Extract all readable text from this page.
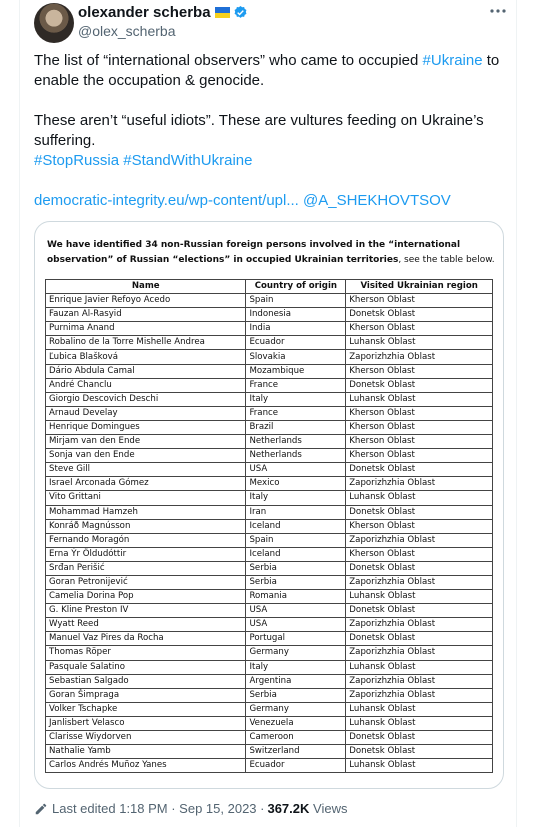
olexander scherba
@olex_scherba

The list of “international observers” who came to occupied #Ukraine to enable the occupation & genocide.

These aren’t “useful idiots”. These are vultures feeding on Ukraine’s suffering.

#StopRussia #StandWithUkraine

democratic-integrity.eu/wp-content/upl... @A_SHEKHOVTSOV
We have identified 34 non-Russian foreign persons involved in the “international observation” of Russian “elections” in occupied Ukrainian territories, see the table below.
Name	Country of origin	Visited Ukrainian region
Enrique Javier Refoyo Acedo	Spain	Kherson Oblast
Fauzan Al-Rasyid	Indonesia	Donetsk Oblast
Purnima Anand	India	Kherson Oblast
Robalino de la Torre Mishelle Andrea	Ecuador	Luhansk Oblast
Ľubica Blašková	Slovakia	Zaporizhzhia Oblast
Dário Abdula Camal	Mozambique	Kherson Oblast
André Chanclu	France	Donetsk Oblast
Giorgio Descovich Deschi	Italy	Luhansk Oblast
Arnaud Develay	France	Kherson Oblast
Henrique Domingues	Brazil	Kherson Oblast
Mirjam van den Ende	Netherlands	Kherson Oblast
Sonja van den Ende	Netherlands	Kherson Oblast
Steve Gill	USA	Donetsk Oblast
Israel Arconada Gómez	Mexico	Zaporizhzhia Oblast
Vito Grittani	Italy	Luhansk Oblast
Mohammad Hamzeh	Iran	Donetsk Oblast
Konráð Magnússon	Iceland	Kherson Oblast
Fernando Moragón	Spain	Zaporizhzhia Oblast
Erna Ýr Öldudóttir	Iceland	Kherson Oblast
Srđan Perišić	Serbia	Donetsk Oblast
Goran Petronijević	Serbia	Zaporizhzhia Oblast
Camelia Dorina Pop	Romania	Luhansk Oblast
G. Kline Preston IV	USA	Donetsk Oblast
Wyatt Reed	USA	Zaporizhzhia Oblast
Manuel Vaz Pires da Rocha	Portugal	Donetsk Oblast
Thomas Röper	Germany	Zaporizhzhia Oblast
Pasquale Salatino	Italy	Luhansk Oblast
Sebastian Salgado	Argentina	Zaporizhzhia Oblast
Goran Šimpraga	Serbia	Zaporizhzhia Oblast
Volker Tschapke	Germany	Luhansk Oblast
Janlisbert Velasco	Venezuela	Luhansk Oblast
Clarisse Wiydorven	Cameroon	Donetsk Oblast
Nathalie Yamb	Switzerland	Donetsk Oblast
Carlos Andrés Muñoz Yanes	Ecuador	Luhansk Oblast
Last edited 1:18 PM · Sep 15, 2023 · 367.2K
Views
